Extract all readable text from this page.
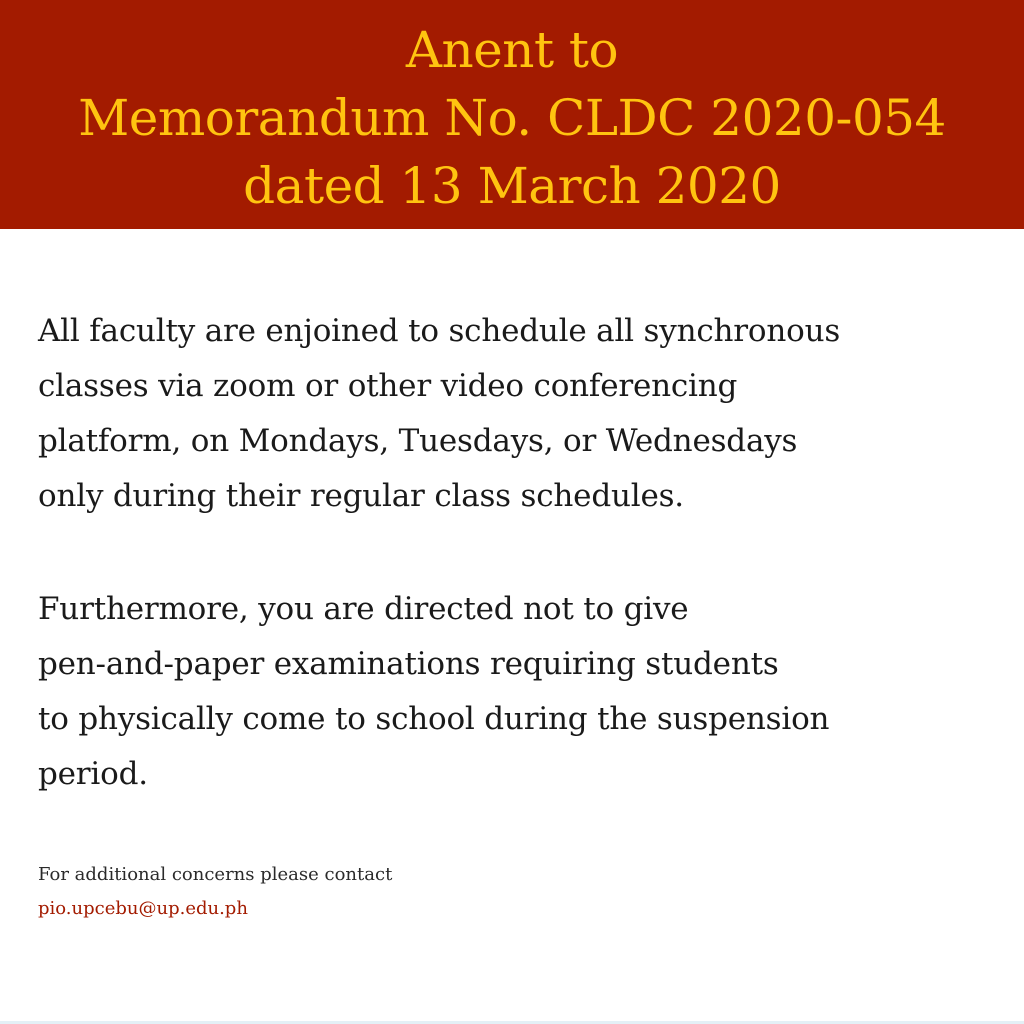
Anent to
Memorandum No. CLDC 2020-054
dated 13 March 2020
All faculty are enjoined to schedule all synchronous
classes via zoom or other video conferencing
platform, on Mondays, Tuesdays, or Wednesdays
only during their regular class schedules.
Furthermore, you are directed not to give
pen-and-paper examinations requiring students
to physically come to school during the suspension
period.
For additional concerns please contact
pio.upcebu@up.edu.ph
